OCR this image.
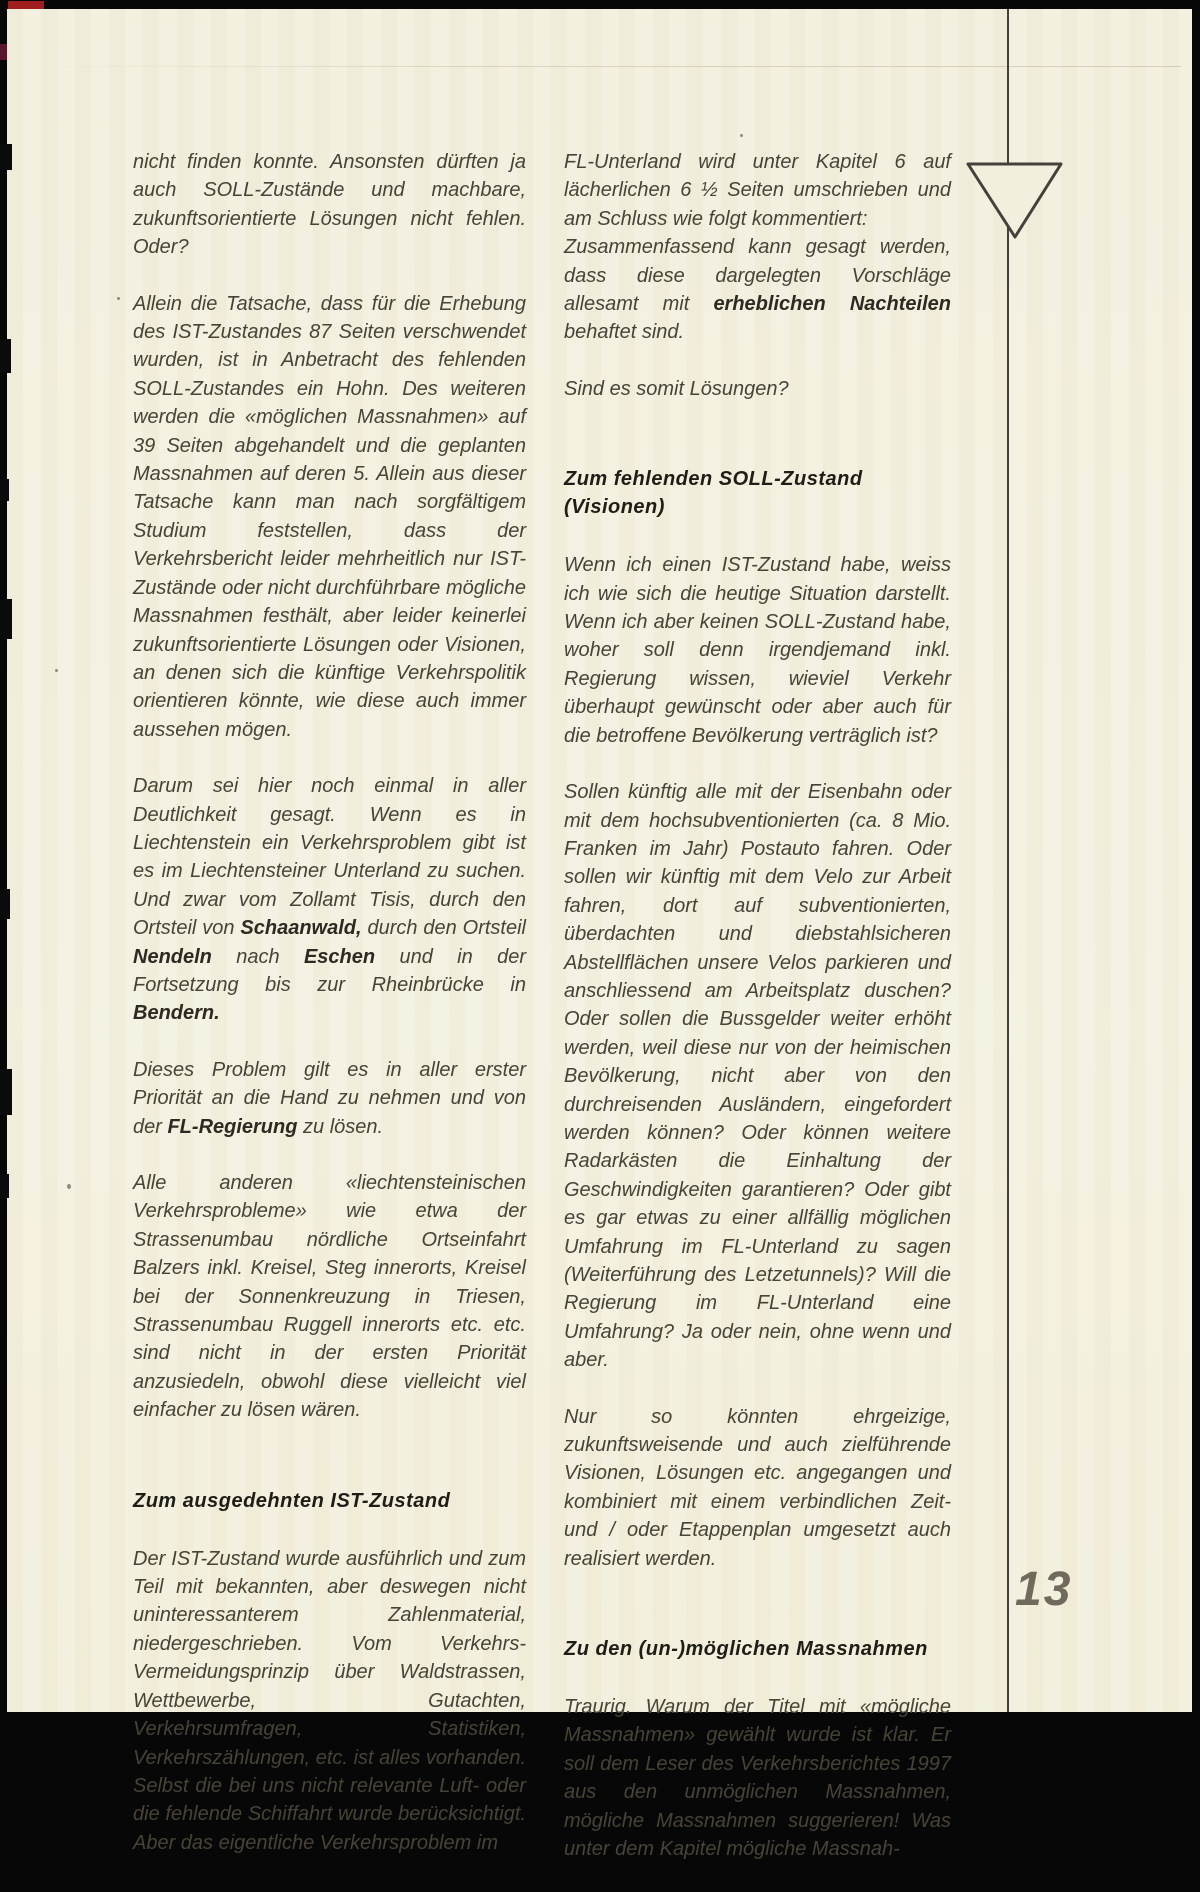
nicht finden konnte. Ansonsten dürften ja auch SOLL-Zustände und machbare, zukunftsorientierte Lösungen nicht fehlen. Oder?

Allein die Tatsache, dass für die Erhebung des IST-Zustandes 87 Seiten verschwendet wurden, ist in Anbetracht des fehlenden SOLL-Zustandes ein Hohn. Des weiteren werden die «möglichen Massnahmen» auf 39 Seiten abgehandelt und die geplanten Massnahmen auf deren 5. Allein aus dieser Tatsache kann man nach sorgfältigem Studium feststellen, dass der Verkehrsbericht leider mehrheitlich nur IST-Zustände oder nicht durchführbare mögliche Massnahmen festhält, aber leider keinerlei zukunftsorientierte Lösungen oder Visionen, an denen sich die künftige Verkehrspolitik orientieren könnte, wie diese auch immer aussehen mögen.

Darum sei hier noch einmal in aller Deutlichkeit gesagt. Wenn es in Liechtenstein ein Verkehrsproblem gibt ist es im Liechtensteiner Unterland zu suchen. Und zwar vom Zollamt Tisis, durch den Ortsteil von Schaanwald, durch den Ortsteil Nendeln nach Eschen und in der Fortsetzung bis zur Rheinbrücke in Bendern.

Dieses Problem gilt es in aller erster Priorität an die Hand zu nehmen und von der FL-Regierung zu lösen.

Alle anderen «liechtensteinischen Verkehrsprobleme» wie etwa der Strassenumbau nördliche Ortseinfahrt Balzers inkl. Kreisel, Steg innerorts, Kreisel bei der Sonnenkreuzung in Triesen, Strassenumbau Ruggell innerorts etc. etc. sind nicht in der ersten Priorität anzusiedeln, obwohl diese vielleicht viel einfacher zu lösen wären.

Zum ausgedehnten IST-Zustand

Der IST-Zustand wurde ausführlich und zum Teil mit bekannten, aber deswegen nicht uninteressanterem Zahlenmaterial, niedergeschrieben. Vom Verkehrs-Vermeidungsprinzip über Waldstrassen, Wettbewerbe, Gutachten, Verkehrsumfragen, Statistiken, Verkehrszählungen, etc. ist alles vorhanden. Selbst die bei uns nicht relevante Luft- oder die fehlende Schiffahrt wurde berücksichtigt. Aber das eigentliche Verkehrsproblem im

FL-Unterland wird unter Kapitel 6 auf lächerlichen 6 ½ Seiten umschrieben und am Schluss wie folgt kommentiert:

Zusammenfassend kann gesagt werden, dass diese dargelegten Vorschläge allesamt mit erheblichen Nachteilen behaftet sind.

Sind es somit Lösungen?

Zum fehlenden SOLL-Zustand (Visionen)

Wenn ich einen IST-Zustand habe, weiss ich wie sich die heutige Situation darstellt. Wenn ich aber keinen SOLL-Zustand habe, woher soll denn irgendjemand inkl. Regierung wissen, wieviel Verkehr überhaupt gewünscht oder aber auch für die betroffene Bevölkerung verträglich ist?

Sollen künftig alle mit der Eisenbahn oder mit dem hochsubventionierten (ca. 8 Mio. Franken im Jahr) Postauto fahren. Oder sollen wir künftig mit dem Velo zur Arbeit fahren, dort auf subventionierten, überdachten und diebstahlsicheren Abstellflächen unsere Velos parkieren und anschliessend am Arbeitsplatz duschen? Oder sollen die Bussgelder weiter erhöht werden, weil diese nur von der heimischen Bevölkerung, nicht aber von den durchreisenden Ausländern, eingefordert werden können? Oder können weitere Radarkästen die Einhaltung der Geschwindigkeiten garantieren? Oder gibt es gar etwas zu einer allfällig möglichen Umfahrung im FL-Unterland zu sagen (Weiterführung des Letzetunnels)? Will die Regierung im FL-Unterland eine Umfahrung? Ja oder nein, ohne wenn und aber.

Nur so könnten ehrgeizige, zukunftsweisende und auch zielführende Visionen, Lösungen etc. angegangen und kombiniert mit einem verbindlichen Zeit- und / oder Etappenplan umgesetzt auch realisiert werden.

Zu den (un-)möglichen Massnahmen

Traurig. Warum der Titel mit «mögliche Massnahmen» gewählt wurde ist klar. Er soll dem Leser des Verkehrsberichtes 1997 aus den unmöglichen Massnahmen, mögliche Massnahmen suggerieren! Was unter dem Kapitel mögliche Massnah-

13
